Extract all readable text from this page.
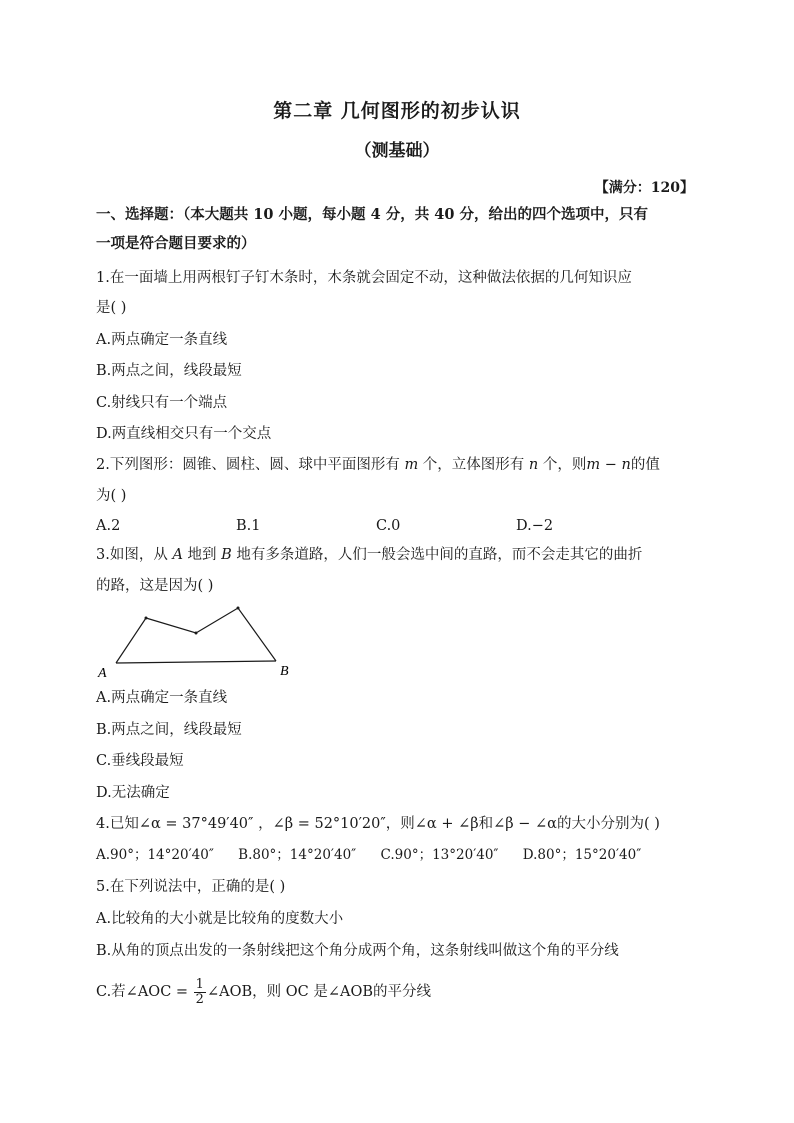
第二章 几何图形的初步认识
（测基础）
【满分：120】
一、选择题：（本大题共 10 小题，每小题 4 分，共 40 分，给出的四个选项中，只有
一项是符合题目要求的）
1.在一面墙上用两根钉子钉木条时，木条就会固定不动，这种做法依据的几何知识应
是( )
A.两点确定一条直线
B.两点之间，线段最短
C.射线只有一个端点
D.两直线相交只有一个交点
2.下列图形：圆锥、圆柱、圆、球中平面图形有 m 个，立体图形有 n 个，则m − n的值
为( )
A.2	B.1	C.0	D.−2
3.如图，从 A 地到 B 地有多条道路，人们一般会选中间的直路，而不会走其它的曲折
的路，这是因为( )
A	B
A.两点确定一条直线
B.两点之间，线段最短
C.垂线段最短
D.无法确定
4.已知∠α = 37°49′40″ ，∠β = 52°10′20″，则∠α + ∠β和∠β − ∠α的大小分别为( )
A.90°；14°20′40″ B.80°；14°20′40″ C.90°；13°20′40″ D.80°；15°20′40″
5.在下列说法中，正确的是( )
A.比较角的大小就是比较角的度数大小
B.从角的顶点出发的一条射线把这个角分成两个角，这条射线叫做这个角的平分线
C.若∠AOC = $\frac{1}{2}$ ∠AOB，则 OC 是∠AOB的平分线
